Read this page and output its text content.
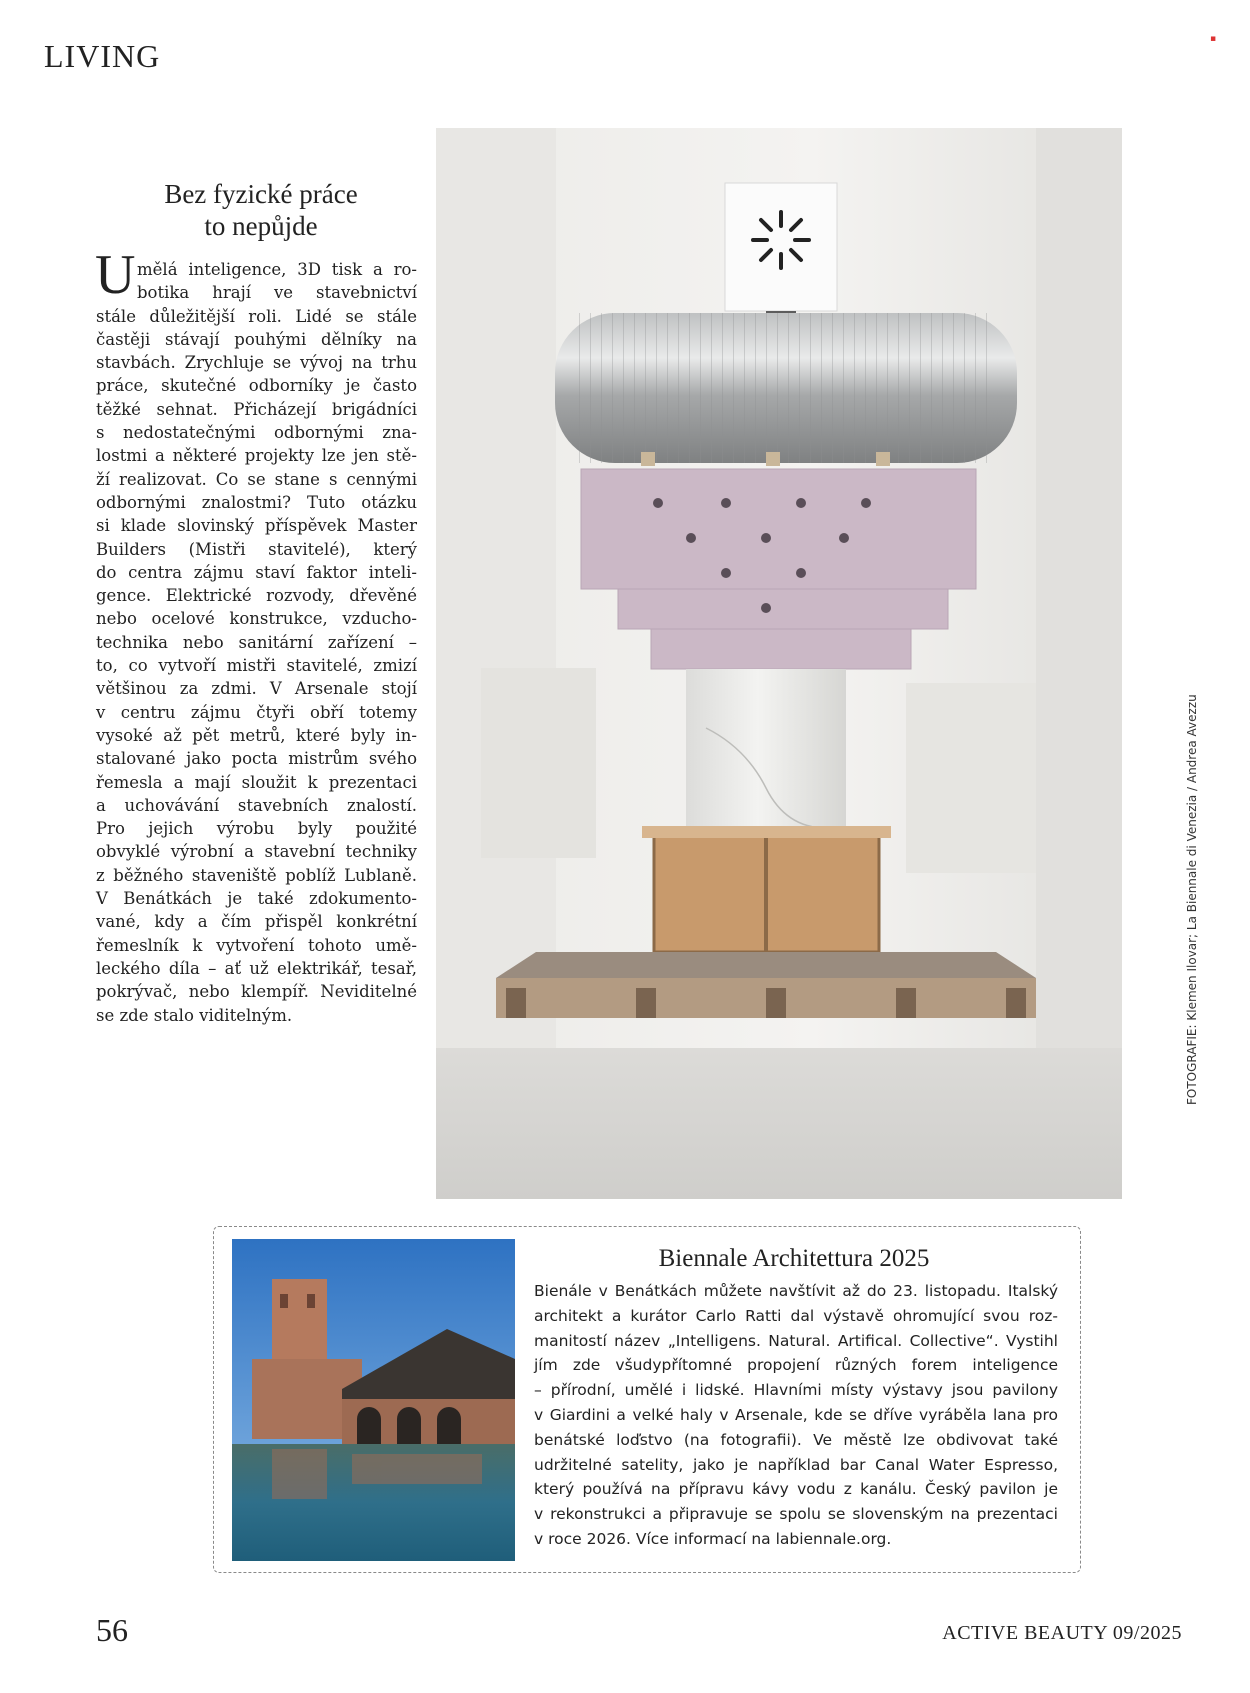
LIVING	▪
Bez fyzické práce
to nepůjde
U mělá inteligence, 3D tisk a ro-
botika hrají ve stavebnictví
stále důležitější roli. Lidé se stále
častěji stávají pouhými dělníky na
stavbách. Zrychluje se vývoj na trhu
práce, skutečné odborníky je často
těžké sehnat. Přicházejí brigádníci
s nedostatečnými odbornými zna-
lostmi a některé projekty lze jen stě-
ží realizovat. Co se stane s cennými
odbornými znalostmi? Tuto otázku
si klade slovinský příspěvek Master
Builders (Mistři stavitelé), který
do centra zájmu staví faktor inteli-
gence. Elektrické rozvody, dřevěné
nebo ocelové konstrukce, vzducho-
technika nebo sanitární zařízení –
to, co vytvoří mistři stavitelé, zmizí
většinou za zdmi. V Arsenale stojí
v centru zájmu čtyři obří totemy
vysoké až pět metrů, které byly in-
stalované jako pocta mistrům svého
řemesla a mají sloužit k prezentaci
a uchovávání stavebních znalostí.
Pro jejich výrobu byly použité
obvyklé výrobní a stavební techniky
z běžného staveniště poblíž Lublaně.
V Benátkách je také zdokumento-
vané, kdy a čím přispěl konkrétní
řemeslník k vytvoření tohoto umě-
leckého díla – ať už elektrikář, tesař,
pokrývač, nebo klempíř. Neviditelné
se zde stalo viditelným.	FOTOGRAFIE: Klemen Ilovar; La Biennale di Venezia / Andrea Avezzu
Biennale Architettura 2025
Bienále v Benátkách můžete navštívit až do 23. listopadu. Italský
architekt a kurátor Carlo Ratti dal výstavě ohromující svou roz-
manitostí název „Intelligens. Natural. Artifical. Collective“. Vystihl
jím zde všudypřítomné propojení různých forem inteligence
– přírodní, umělé i lidské. Hlavními místy výstavy jsou pavilony
v Giardini a velké haly v Arsenale, kde se dříve vyráběla lana pro
benátské loďstvo (na fotografii). Ve městě lze obdivovat také
udržitelné satelity, jako je například bar Canal Water Espresso,
který používá na přípravu kávy vodu z kanálu. Český pavilon je
v rekonstrukci a připravuje se spolu se slovenským na prezentaci
v roce 2026. Více informací na labiennale.org.
56	ACTIVE BEAUTY 09/2025
